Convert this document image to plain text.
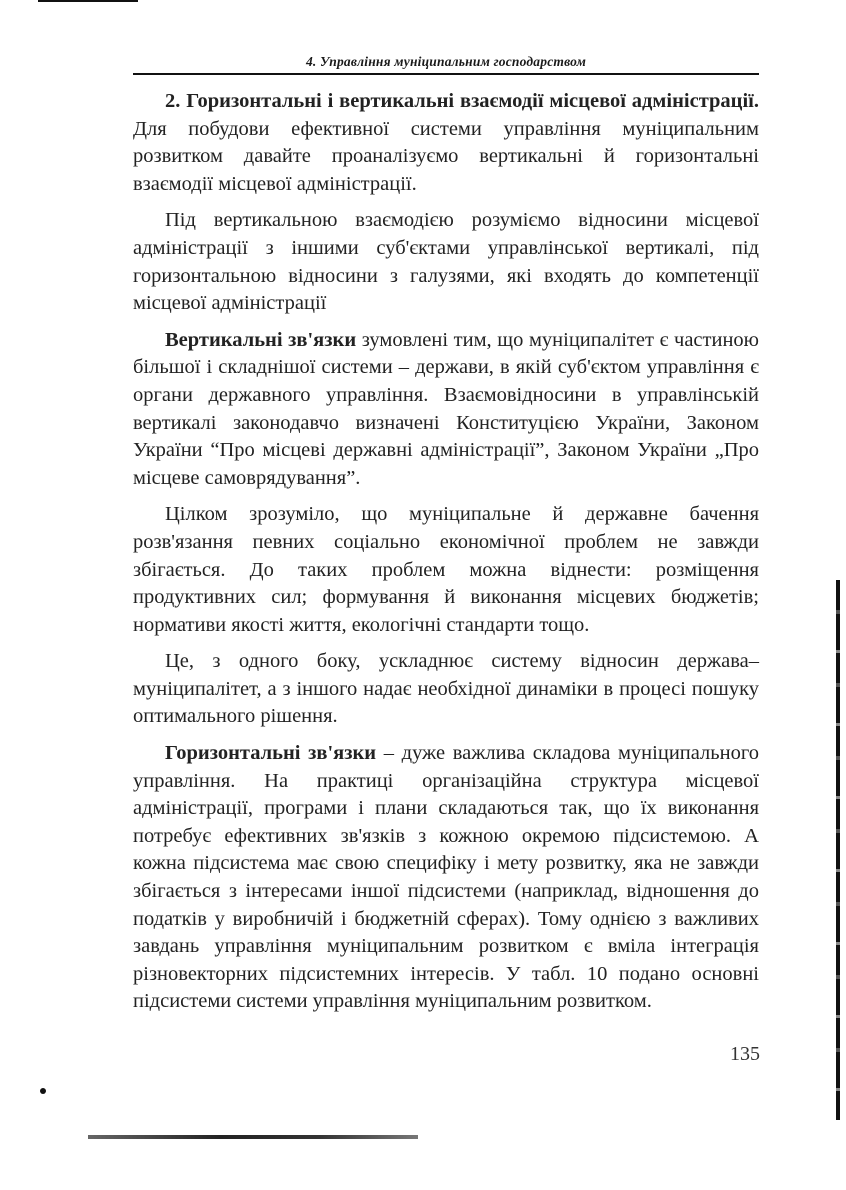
4. Управління муніципальним господарством

2. Горизонтальні і вертикальні взаємодії місцевої адміністрації. Для побудови ефективної системи управління муніципальним розвитком давайте проаналізуємо вертикальні й горизонтальні взаємодії місцевої адміністрації.

Під вертикальною взаємодією розуміємо відносини місцевої адміністрації з іншими суб'єктами управлінської вертикалі, під горизонтальною відносини з галузями, які входять до компетенції місцевої адміністрації

Вертикальні зв'язки зумовлені тим, що муніципалітет є частиною більшої і складнішої системи – держави, в якій суб'єктом управління є органи державного управління. Взаємовідносини в управлінській вертикалі законодавчо визначені Конституцією України, Законом України “Про місцеві державні адміністрації”, Законом України „Про місцеве самоврядування”.

Цілком зрозуміло, що муніципальне й державне бачення розв'язання певних соціально економічної проблем не завжди збігається. До таких проблем можна віднести: розміщення продуктивних сил; формування й виконання місцевих бюджетів; нормативи якості життя, екологічні стандарти тощо.

Це, з одного боку, ускладнює систему відносин держава–муніципалітет, а з іншого надає необхідної динаміки в процесі пошуку оптимального рішення.

Горизонтальні зв'язки – дуже важлива складова муніципального управління. На практиці організаційна структура місцевої адміністрації, програми і плани складаються так, що їх виконання потребує ефективних зв'язків з кожною окремою підсистемою. А кожна підсистема має свою специфіку і мету розвитку, яка не завжди збігається з інтересами іншої підсистеми (наприклад, відношення до податків у виробничій і бюджетній сферах). Тому однією з важливих завдань управління муніципальним розвитком є вміла інтеграція різновекторних підсистемних інтересів. У табл. 10 подано основні підсистеми системи управління муніципальним розвитком.

135
